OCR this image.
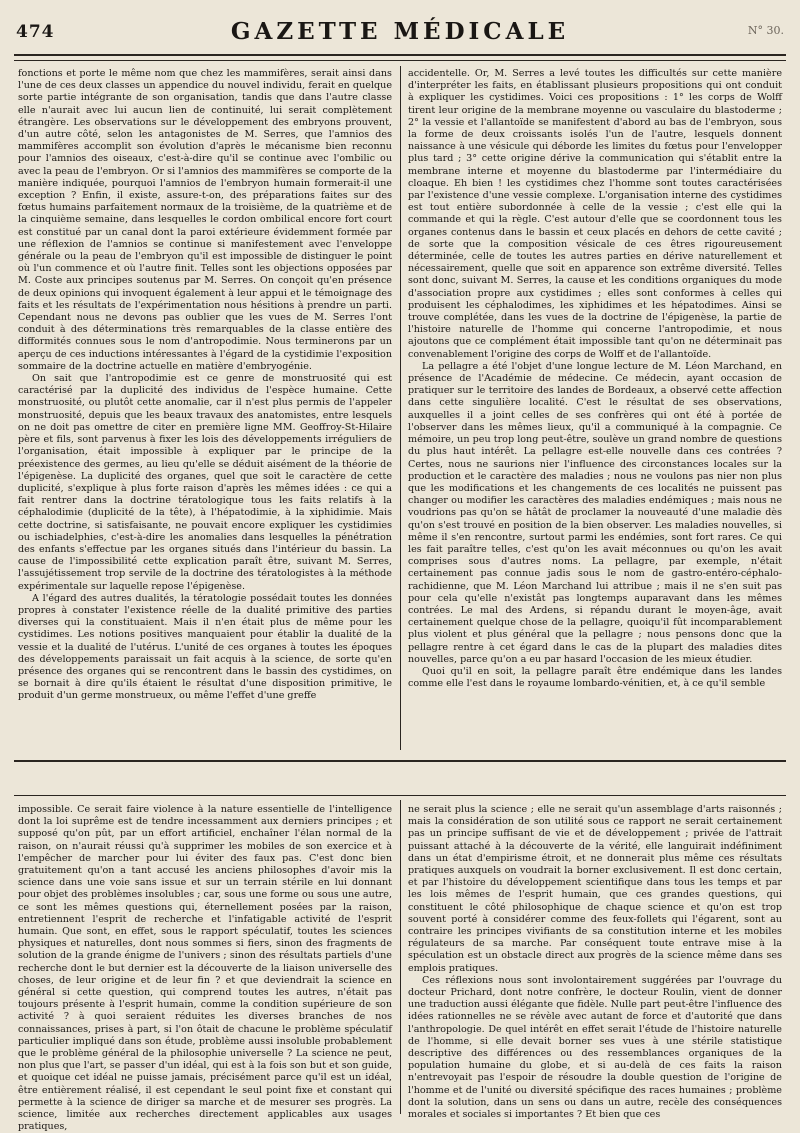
474	GAZETTE MÉDICALE	N° 30.

fonctions et porte le même nom que chez les mammifères, serait ainsi dans l'une de ces deux classes un appendice du nouvel individu, ferait en quelque sorte partie intégrante de son organisation, tandis que dans l'autre classe elle n'aurait avec lui aucun lien de continuité, lui serait complètement étrangère. Les observations sur le développement des embryons prouvent, d'un autre côté, selon les antagonistes de M. Serres, que l'amnios des mammifères accomplit son évolution d'après le mécanisme bien reconnu pour l'amnios des oiseaux, c'est-à-dire qu'il se continue avec l'ombilic ou avec la peau de l'embryon. Or si l'amnios des mammifères se comporte de la manière indiquée, pourquoi l'amnios de l'embryon humain formerait-il une exception ? Enfin, il existe, assure-t-on, des préparations faites sur des fœtus humains parfaitement normaux de la troisième, de la quatrième et de la cinquième semaine, dans lesquelles le cordon ombilical encore fort court est constitué par un canal dont la paroi extérieure évidemment formée par une réflexion de l'amnios se continue si manifestement avec l'enveloppe générale ou la peau de l'embryon qu'il est impossible de distinguer le point où l'un commence et où l'autre finit. Telles sont les objections opposées par M. Coste aux principes soutenus par M. Serres. On conçoit qu'en présence de deux opinions qui invoquent également à leur appui et le témoignage des faits et les résultats de l'expérimentation nous hésitions à prendre un parti. Cependant nous ne devons pas oublier que les vues de M. Serres l'ont conduit à des déterminations très remarquables de la classe entière des difformités connues sous le nom d'antropodimie. Nous terminerons par un aperçu de ces inductions intéressantes à l'égard de la cystidimie l'exposition sommaire de la doctrine actuelle en matière d'embryogénie.

On sait que l'antropodimie est ce genre de monstruosité qui est caractérisé par la duplicité des individus de l'espèce humaine. Cette monstruosité, ou plutôt cette anomalie, car il n'est plus permis de l'appeler monstruosité, depuis que les beaux travaux des anatomistes, entre lesquels on ne doit pas omettre de citer en première ligne MM. Geoffroy-St-Hilaire père et fils, sont parvenus à fixer les lois des développements irréguliers de l'organisation, était impossible à expliquer par le principe de la préexistence des germes, au lieu qu'elle se déduit aisément de la théorie de l'épigenèse. La duplicité des organes, quel que soit le caractère de cette duplicité, s'explique à plus forte raison d'après les mêmes idées : ce qui a fait rentrer dans la doctrine tératologique tous les faits relatifs à la céphalodimie (duplicité de la tête), à l'hépatodimie, à la xiphidimie. Mais cette doctrine, si satisfaisante, ne pouvait encore expliquer les cystidimies ou ischiadelphies, c'est-à-dire les anomalies dans lesquelles la pénétration des enfants s'effectue par les organes situés dans l'intérieur du bassin. La cause de l'impossibilité cette explication paraît être, suivant M. Serres, l'assujétissement trop servile de la doctrine des tératologistes à la méthode expérimentale sur laquelle repose l'épigenèse.

A l'égard des autres dualités, la tératologie possédait toutes les données propres à constater l'existence réelle de la dualité primitive des parties diverses qui la constituaient. Mais il n'en était plus de même pour les cystidimes. Les notions positives manquaient pour établir la dualité de la vessie et la dualité de l'utérus. L'unité de ces organes à toutes les époques des développements paraissait un fait acquis à la science, de sorte qu'en présence des organes qui se rencontrent dans le bassin des cystidimes, on se bornait à dire qu'ils étaient le résultat d'une disposition primitive, le produit d'un germe monstrueux, ou même l'effet d'une greffe

accidentelle. Or, M. Serres a levé toutes les difficultés sur cette manière d'interpréter les faits, en établissant plusieurs propositions qui ont conduit à expliquer les cystidimes. Voici ces propositions : 1° les corps de Wolff tirent leur origine de la membrane moyenne ou vasculaire du blastoderme ; 2° la vessie et l'allantoïde se manifestent d'abord au bas de l'embryon, sous la forme de deux croissants isolés l'un de l'autre, lesquels donnent naissance à une vésicule qui déborde les limites du fœtus pour l'envelopper plus tard ; 3° cette origine dérive la communication qui s'établit entre la membrane interne et moyenne du blastoderme par l'intermédiaire du cloaque. Eh bien ! les cystidimes chez l'homme sont toutes caractérisées par l'existence d'une vessie complexe. L'organisation interne des cystidimes est tout entière subordonnée à celle de la vessie ; c'est elle qui la commande et qui la règle. C'est autour d'elle que se coordonnent tous les organes contenus dans le bassin et ceux placés en dehors de cette cavité ; de sorte que la composition vésicale de ces êtres rigoureusement déterminée, celle de toutes les autres parties en dérive naturellement et nécessairement, quelle que soit en apparence son extrême diversité. Telles sont donc, suivant M. Serres, la cause et les conditions organiques du mode d'association propre aux cystidimes ; elles sont conformes à celles qui produisent les céphalodimes, les xiphidimes et les hépatodimes. Ainsi se trouve complétée, dans les vues de la doctrine de l'épigenèse, la partie de l'histoire naturelle de l'homme qui concerne l'antropodimie, et nous ajoutons que ce complément était impossible tant qu'on ne déterminait pas convenablement l'origine des corps de Wolff et de l'allantoïde.

La pellagre a été l'objet d'une longue lecture de M. Léon Marchand, en présence de l'Académie de médecine. Ce médecin, ayant occasion de pratiquer sur le territoire des landes de Bordeaux, a observé cette affection dans cette singulière localité. C'est le résultat de ses observations, auxquelles il a joint celles de ses confrères qui ont été à portée de l'observer dans les mêmes lieux, qu'il a communiqué à la compagnie. Ce mémoire, un peu trop long peut-être, soulève un grand nombre de questions du plus haut intérêt. La pellagre est-elle nouvelle dans ces contrées ? Certes, nous ne saurions nier l'influence des circonstances locales sur la production et le caractère des maladies ; nous ne voulons pas nier non plus que les modifications et les changements de ces localités ne puissent pas changer ou modifier les caractères des maladies endémiques ; mais nous ne voudrions pas qu'on se hâtât de proclamer la nouveauté d'une maladie dès qu'on s'est trouvé en position de la bien observer. Les maladies nouvelles, si même il s'en rencontre, surtout parmi les endémies, sont fort rares. Ce qui les fait paraître telles, c'est qu'on les avait méconnues ou qu'on les avait comprises sous d'autres noms. La pellagre, par exemple, n'était certainement pas connue jadis sous le nom de gastro-entéro-céphalo-rachidienne, que M. Léon Marchand lui attribue ; mais il ne s'en suit pas pour cela qu'elle n'existât pas longtemps auparavant dans les mêmes contrées. Le mal des Ardens, si répandu durant le moyen-âge, avait certainement quelque chose de la pellagre, quoiqu'il fût incomparablement plus violent et plus général que la pellagre ; nous pensons donc que la pellagre rentre à cet égard dans le cas de la plupart des maladies dites nouvelles, parce qu'on a eu par hasard l'occasion de les mieux étudier.

Quoi qu'il en soit, la pellagre paraît être endémique dans les landes comme elle l'est dans le royaume lombardo-vénitien, et, à ce qu'il semble

impossible. Ce serait faire violence à la nature essentielle de l'intelligence dont la loi suprême est de tendre incessamment aux derniers principes ; et supposé qu'on pût, par un effort artificiel, enchaîner l'élan normal de la raison, on n'aurait réussi qu'à supprimer les mobiles de son exercice et à l'empêcher de marcher pour lui éviter des faux pas. C'est donc bien gratuitement qu'on a tant accusé les anciens philosophes d'avoir mis la science dans une voie sans issue et sur un terrain stérile en lui donnant pour objet des problèmes insolubles ; car, sous une forme ou sous une autre, ce sont les mêmes questions qui, éternellement posées par la raison, entretiennent l'esprit de recherche et l'infatigable activité de l'esprit humain. Que sont, en effet, sous le rapport spéculatif, toutes les sciences physiques et naturelles, dont nous sommes si fiers, sinon des fragments de solution de la grande énigme de l'univers ; sinon des résultats partiels d'une recherche dont le but dernier est la découverte de la liaison universelle des choses, de leur origine et de leur fin ? et que deviendrait la science en général si cette question, qui comprend toutes les autres, n'était pas toujours présente à l'esprit humain, comme la condition supérieure de son activité ? à quoi seraient réduites les diverses branches de nos connaissances, prises à part, si l'on ôtait de chacune le problème spéculatif particulier impliqué dans son étude, problème aussi insoluble probablement que le problème général de la philosophie universelle ? La science ne peut, non plus que l'art, se passer d'un idéal, qui est à la fois son but et son guide, et quoique cet idéal ne puisse jamais, précisément parce qu'il est un idéal, être entièrement réalisé, il est cependant le seul point fixe et constant qui permette à la science de diriger sa marche et de mesurer ses progrès. La science, limitée aux recherches directement applicables aux usages pratiques,

ne serait plus la science ; elle ne serait qu'un assemblage d'arts raisonnés ; mais la considération de son utilité sous ce rapport ne serait certainement pas un principe suffisant de vie et de développement ; privée de l'attrait puissant attaché à la découverte de la vérité, elle languirait indéfiniment dans un état d'empirisme étroit, et ne donnerait plus même ces résultats pratiques auxquels on voudrait la borner exclusivement. Il est donc certain, et par l'histoire du développement scientifique dans tous les temps et par les lois mêmes de l'esprit humain, que ces grandes questions, qui constituent le côté philosophique de chaque science et qu'on est trop souvent porté à considérer comme des feux-follets qui l'égarent, sont au contraire les principes vivifiants de sa constitution interne et les mobiles régulateurs de sa marche. Par conséquent toute entrave mise à la spéculation est un obstacle direct aux progrès de la science même dans ses emplois pratiques.

Ces réflexions nous sont involontairement suggérées par l'ouvrage du docteur Prichard, dont notre confrère, le docteur Roulin, vient de donner une traduction aussi élégante que fidèle. Nulle part peut-être l'influence des idées rationnelles ne se révèle avec autant de force et d'autorité que dans l'anthropologie. De quel intérêt en effet serait l'étude de l'histoire naturelle de l'homme, si elle devait borner ses vues à une stérile statistique descriptive des différences ou des ressemblances organiques de la population humaine du globe, et si au-delà de ces faits la raison n'entrevoyait pas l'espoir de résoudre la double question de l'origine de l'homme et de l'unité ou diversité spécifique des races humaines ; problème dont la solution, dans un sens ou dans un autre, recèle des conséquences morales et sociales si importantes ? Et bien que ces
